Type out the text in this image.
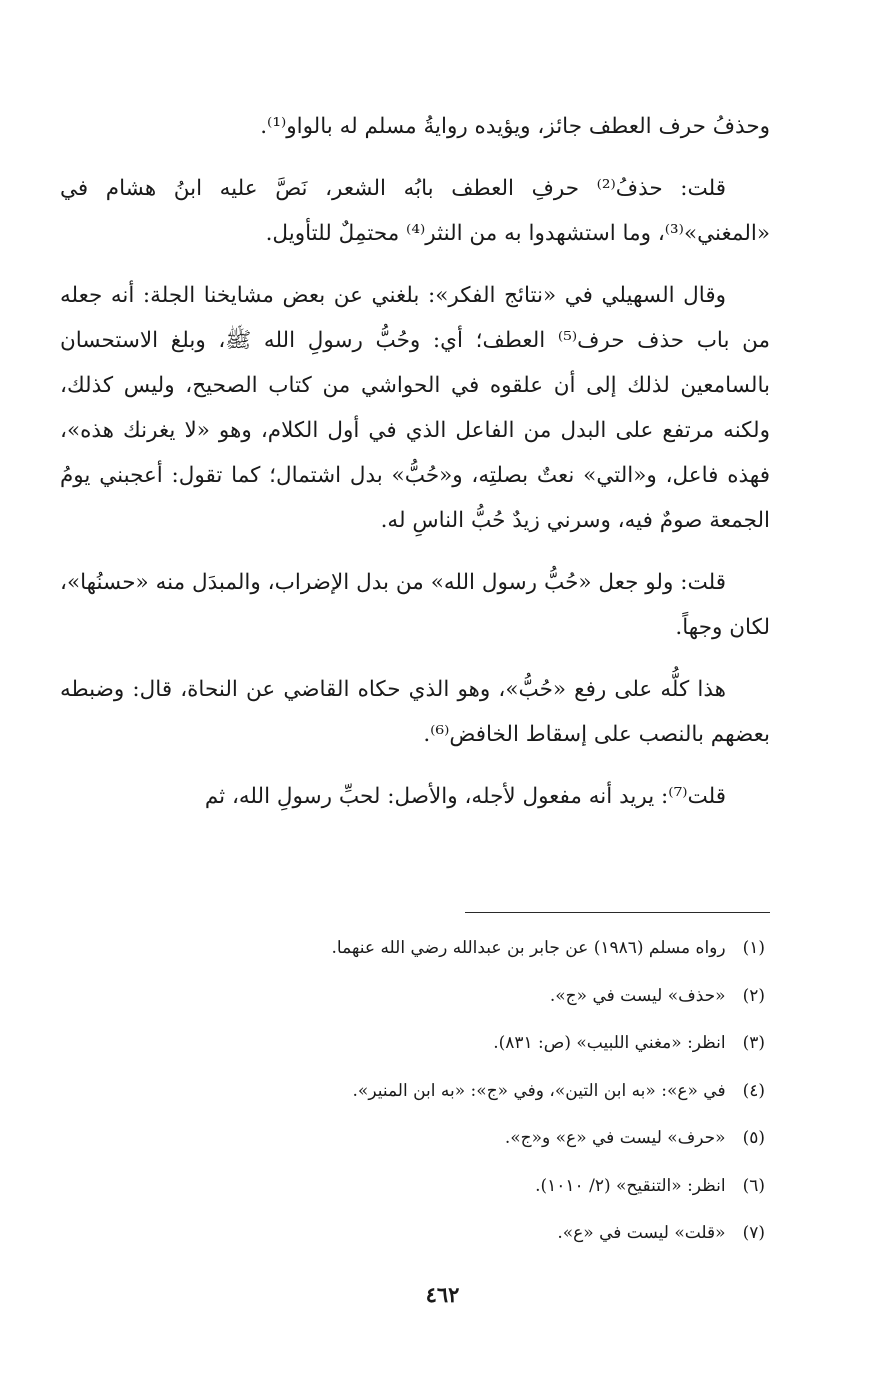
وحذفُ حرف العطف جائز، ويؤيده روايةُ مسلم له بالواو⁽¹⁾.

قلت: حذفُ⁽²⁾ حرفِ العطف بابُه الشعر، نَصَّ عليه ابنُ هشام في «المغني»⁽³⁾، وما استشهدوا به من النثر⁽⁴⁾ محتمِلٌ للتأويل.

وقال السهيلي في «نتائج الفكر»: بلغني عن بعض مشايخنا الجلة: أنه جعله من باب حذف حرف⁽⁵⁾ العطف؛ أي: وحُبُّ رسولِ الله ﷺ، وبلغ الاستحسان بالسامعين لذلك إلى أن علقوه في الحواشي من كتاب الصحيح، وليس كذلك، ولكنه مرتفع على البدل من الفاعل الذي في أول الكلام، وهو «لا يغرنك هذه»، فهذه فاعل، و«التي» نعتٌ بصلتِه، و«حُبُّ» بدل اشتمال؛ كما تقول: أعجبني يومُ الجمعة صومٌ فيه، وسرني زيدٌ حُبُّ الناسِ له.

قلت: ولو جعل «حُبُّ رسول الله» من بدل الإضراب، والمبدَل منه «حسنُها»، لكان وجهاً.

هذا كلُّه على رفع «حُبُّ»، وهو الذي حكاه القاضي عن النحاة، قال: وضبطه بعضهم بالنصب على إسقاط الخافض⁽⁶⁾.

قلت⁽⁷⁾: يريد أنه مفعول لأجله، والأصل: لحبِّ رسولِ الله، ثم

(١) رواه مسلم (١٩٨٦) عن جابر بن عبدالله رضي الله عنهما.
(٢) «حذف» ليست في «ج».
(٣) انظر: «مغني اللبيب» (ص: ٨٣١).
(٤) في «ع»: «به ابن التين»، وفي «ج»: «به ابن المنير».
(٥) «حرف» ليست في «ع» و«ج».
(٦) انظر: «التنقيح» (٢/ ١٠١٠).
(٧) «قلت» ليست في «ع».
٤٦٢
